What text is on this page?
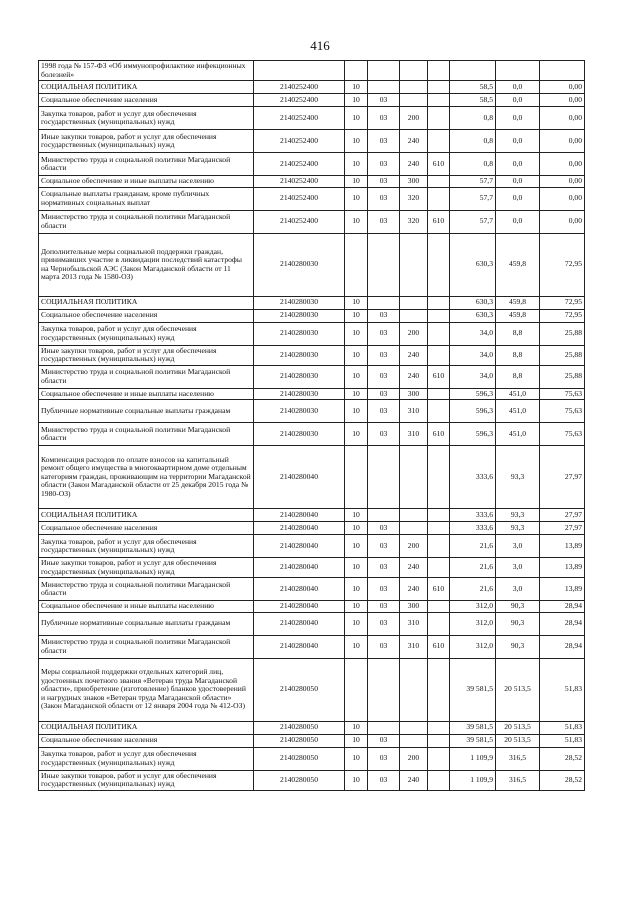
416
1998 года № 157-ФЗ «Об иммунопрофилактике инфекционных болезней»								
СОЦИАЛЬНАЯ ПОЛИТИКА	2140252400	10				58,5	0,0	0,00
Социальное обеспечение населения	2140252400	10	03			58,5	0,0	0,00
Закупка товаров, работ и услуг для обеспечения государственных (муниципальных) нужд	2140252400	10	03	200		0,8	0,0	0,00
Иные закупки товаров, работ и услуг для обеспечения государственных (муниципальных) нужд	2140252400	10	03	240		0,8	0,0	0,00
Министерство труда и социальной политики Магаданской области	2140252400	10	03	240	610	0,8	0,0	0,00
Социальное обеспечение и иные выплаты населению	2140252400	10	03	300		57,7	0,0	0,00
Социальные выплаты гражданам, кроме публичных нормативных социальных выплат	2140252400	10	03	320		57,7	0,0	0,00
Министерство труда и социальной политики Магаданской области	2140252400	10	03	320	610	57,7	0,0	0,00
Дополнительные меры социальной поддержки граждан, принимавших участие в ликвидации последствий катастрофы на Чернобыльской АЭС (Закон Магаданской области от 11 марта 2013 года № 1580-ОЗ)	2140280030					630,3	459,8	72,95
СОЦИАЛЬНАЯ ПОЛИТИКА	2140280030	10				630,3	459,8	72,95
Социальное обеспечение населения	2140280030	10	03			630,3	459,8	72,95
Закупка товаров, работ и услуг для обеспечения государственных (муниципальных) нужд	2140280030	10	03	200		34,0	8,8	25,88
Иные закупки товаров, работ и услуг для обеспечения государственных (муниципальных) нужд	2140280030	10	03	240		34,0	8,8	25,88
Министерство труда и социальной политики Магаданской области	2140280030	10	03	240	610	34,0	8,8	25,88
Социальное обеспечение и иные выплаты населению	2140280030	10	03	300		596,3	451,0	75,63
Публичные нормативные социальные выплаты гражданам	2140280030	10	03	310		596,3	451,0	75,63
Министерство труда и социальной политики Магаданской области	2140280030	10	03	310	610	596,3	451,0	75,63
Компенсация расходов по оплате взносов на капитальный ремонт общего имущества в многоквартирном доме отдельным категориям граждан, проживающим на территории Магаданской области (Закон Магаданской области от 25 декабря 2015 года № 1980-ОЗ)	2140280040					333,6	93,3	27,97
СОЦИАЛЬНАЯ ПОЛИТИКА	2140280040	10				333,6	93,3	27,97
Социальное обеспечение населения	2140280040	10	03			333,6	93,3	27,97
Закупка товаров, работ и услуг для обеспечения государственных (муниципальных) нужд	2140280040	10	03	200		21,6	3,0	13,89
Иные закупки товаров, работ и услуг для обеспечения государственных (муниципальных) нужд	2140280040	10	03	240		21,6	3,0	13,89
Министерство труда и социальной политики Магаданской области	2140280040	10	03	240	610	21,6	3,0	13,89
Социальное обеспечение и иные выплаты населению	2140280040	10	03	300		312,0	90,3	28,94
Публичные нормативные социальные выплаты гражданам	2140280040	10	03	310		312,0	90,3	28,94
Министерство труда и социальной политики Магаданской области	2140280040	10	03	310	610	312,0	90,3	28,94
Меры социальной поддержки отдельных категорий лиц, удостоенных почетного звания «Ветеран труда Магаданской области», приобретение (изготовление) бланков удостоверений и нагрудных знаков «Ветеран труда Магаданской области» (Закон Магаданской области от 12 января 2004 года № 412-ОЗ)	2140280050					39 581,5	20 513,5	51,83
СОЦИАЛЬНАЯ ПОЛИТИКА	2140280050	10				39 581,5	20 513,5	51,83
Социальное обеспечение населения	2140280050	10	03			39 581,5	20 513,5	51,83
Закупка товаров, работ и услуг для обеспечения государственных (муниципальных) нужд	2140280050	10	03	200		1 109,9	316,5	28,52
Иные закупки товаров, работ и услуг для обеспечения государственных (муниципальных) нужд	2140280050	10	03	240		1 109,9	316,5	28,52
